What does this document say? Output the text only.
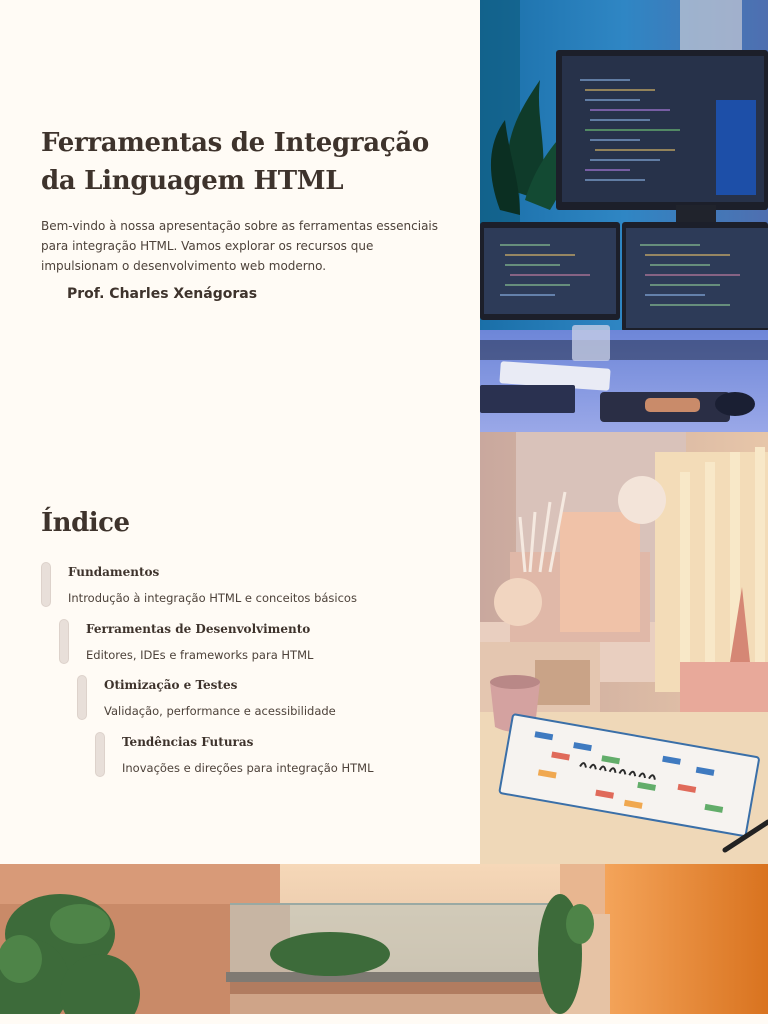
Ferramentas de Integração da Linguagem HTML

Bem-vindo à nossa apresentação sobre as ferramentas essenciais para integração HTML. Vamos explorar os recursos que impulsionam o desenvolvimento web moderno.

Prof. Charles Xenágoras
Índice
Fundamentos
Introdução à integração HTML e conceitos básicos
Ferramentas de Desenvolvimento
Editores, IDEs e frameworks para HTML
Otimização e Testes
Validação, performance e acessibilidade
Tendências Futuras
Inovações e direções para integração HTML
